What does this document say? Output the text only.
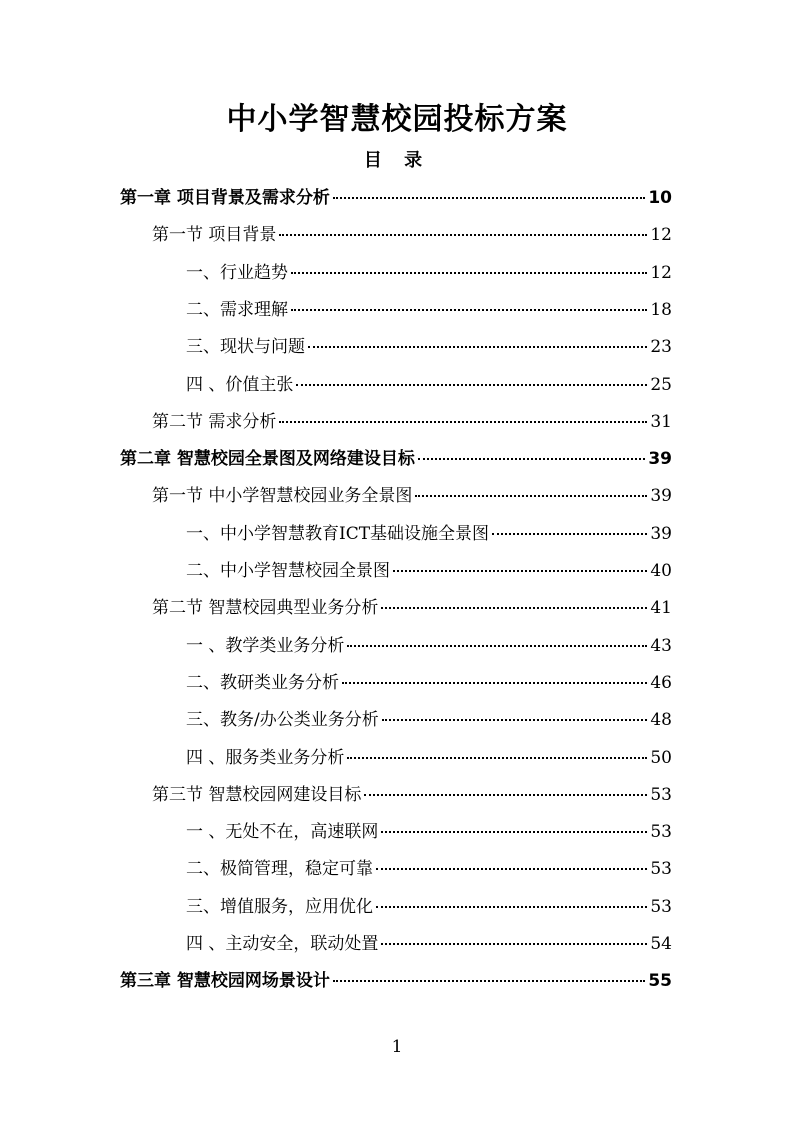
中小学智慧校园投标方案
目 录
第一章 项目背景及需求分析	10
第一节 项目背景	12
一、行业趋势	12
二、需求理解	18
三、现状与问题	23
四 、价值主张	25
第二节 需求分析	31
第二章 智慧校园全景图及网络建设目标	39
第一节 中小学智慧校园业务全景图	39
一、中小学智慧教育ICT基础设施全景图	39
二、中小学智慧校园全景图	40
第二节 智慧校园典型业务分析	41
一 、教学类业务分析	43
二、教研类业务分析	46
三、教务/办公类业务分析	48
四 、服务类业务分析	50
第三节 智慧校园网建设目标	53
一 、无处不在，高速联网	53
二、极简管理，稳定可靠	53
三、增值服务，应用优化	53
四 、主动安全，联动处置	54
第三章 智慧校园网场景设计	55
1
